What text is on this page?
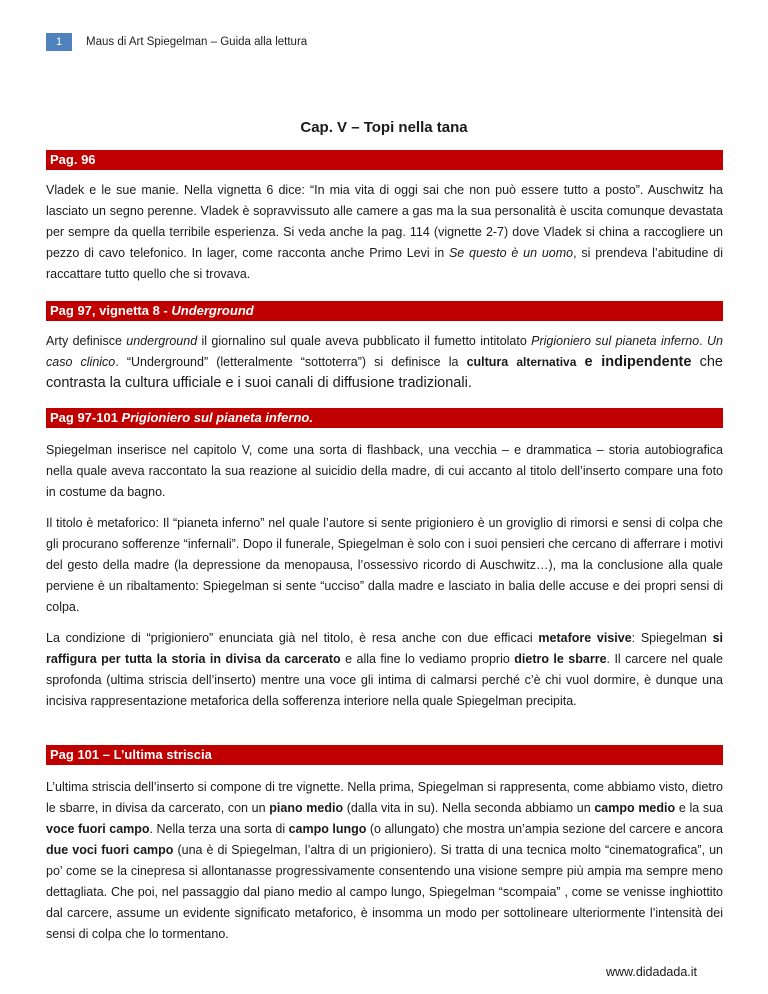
1	Maus di Art Spiegelman – Guida alla lettura
Cap. V – Topi nella tana
Pag. 96

Vladek e le sue manie. Nella vignetta 6 dice: “In mia vita di oggi sai che non può essere tutto a posto”. Auschwitz ha lasciato un segno perenne. Vladek è sopravvissuto alle camere a gas ma la sua personalità è uscita comunque devastata per sempre da quella terribile esperienza. Si veda anche la pag. 114 (vignette 2-7) dove Vladek si china a raccogliere un pezzo di cavo telefonico. In lager, come racconta anche Primo Levi in Se questo è un uomo, si prendeva l’abitudine di raccattare tutto quello che si trovava.

Pag 97, vignetta 8 - Underground

Arty definisce underground il giornalino sul quale aveva pubblicato il fumetto intitolato Prigioniero sul pianeta inferno. Un caso clinico. “Underground” (letteralmente “sottoterra”) si definisce la cultura alternativa e indipendente che contrasta la cultura ufficiale e i suoi canali di diffusione tradizionali.

Pag 97-101 Prigioniero sul pianeta inferno.

Spiegelman inserisce nel capitolo V, come una sorta di flashback, una vecchia – e drammatica – storia autobiografica nella quale aveva raccontato la sua reazione al suicidio della madre, di cui accanto al titolo dell’inserto compare una foto in costume da bagno.

Il titolo è metaforico: Il “pianeta inferno” nel quale l’autore si sente prigioniero è un groviglio di rimorsi e sensi di colpa che gli procurano sofferenze “infernali”. Dopo il funerale, Spiegelman è solo con i suoi pensieri che cercano di afferrare i motivi del gesto della madre (la depressione da menopausa, l’ossessivo ricordo di Auschwitz…), ma la conclusione alla quale perviene è un ribaltamento: Spiegelman si sente “ucciso” dalla madre e lasciato in balia delle accuse e dei propri sensi di colpa.

La condizione di “prigioniero” enunciata già nel titolo, è resa anche con due efficaci metafore visive: Spiegelman si raffigura per tutta la storia in divisa da carcerato e alla fine lo vediamo proprio dietro le sbarre. Il carcere nel quale sprofonda (ultima striscia dell’inserto) mentre una voce gli intima di calmarsi perché c’è chi vuol dormire, è dunque una incisiva rappresentazione metaforica della sofferenza interiore nella quale Spiegelman precipita.

Pag 101 – L’ultima striscia

L’ultima striscia dell’inserto si compone di tre vignette. Nella prima, Spiegelman si rappresenta, come abbiamo visto, dietro le sbarre, in divisa da carcerato, con un piano medio (dalla vita in su). Nella seconda abbiamo un campo medio e la sua voce fuori campo. Nella terza una sorta di campo lungo (o allungato) che mostra un’ampia sezione del carcere e ancora due voci fuori campo (una è di Spiegelman, l’altra di un prigioniero). Si tratta di una tecnica molto “cinematografica”, un po’ come se la cinepresa si allontanasse progressivamente consentendo una visione sempre più ampia ma sempre meno dettagliata. Che poi, nel passaggio dal piano medio al campo lungo, Spiegelman “scompaia” , come se venisse inghiottito dal carcere, assume un evidente significato metaforico, è insomma un modo per sottolineare ulteriormente l’intensità dei sensi di colpa che lo tormentano.

www.didadada.it
